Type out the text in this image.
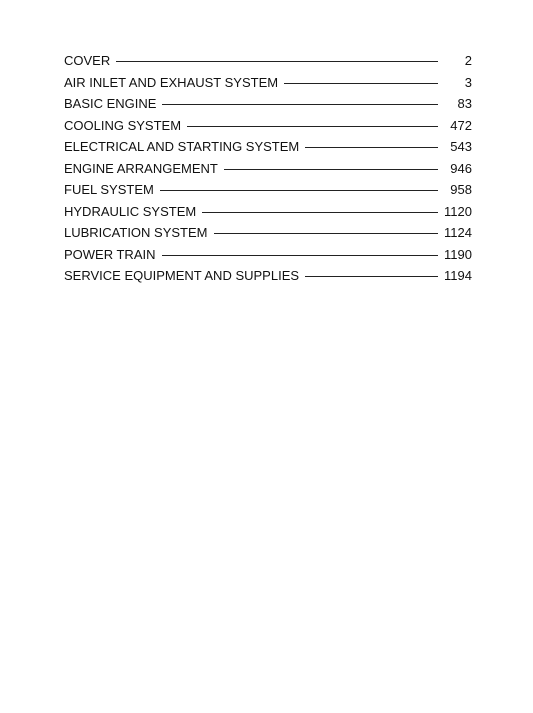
COVER	2
AIR INLET AND EXHAUST SYSTEM	3
BASIC ENGINE	83
COOLING SYSTEM	472
ELECTRICAL AND STARTING SYSTEM	543
ENGINE ARRANGEMENT	946
FUEL SYSTEM	958
HYDRAULIC SYSTEM	1120
LUBRICATION SYSTEM	1124
POWER TRAIN	1190
SERVICE EQUIPMENT AND SUPPLIES	1194
